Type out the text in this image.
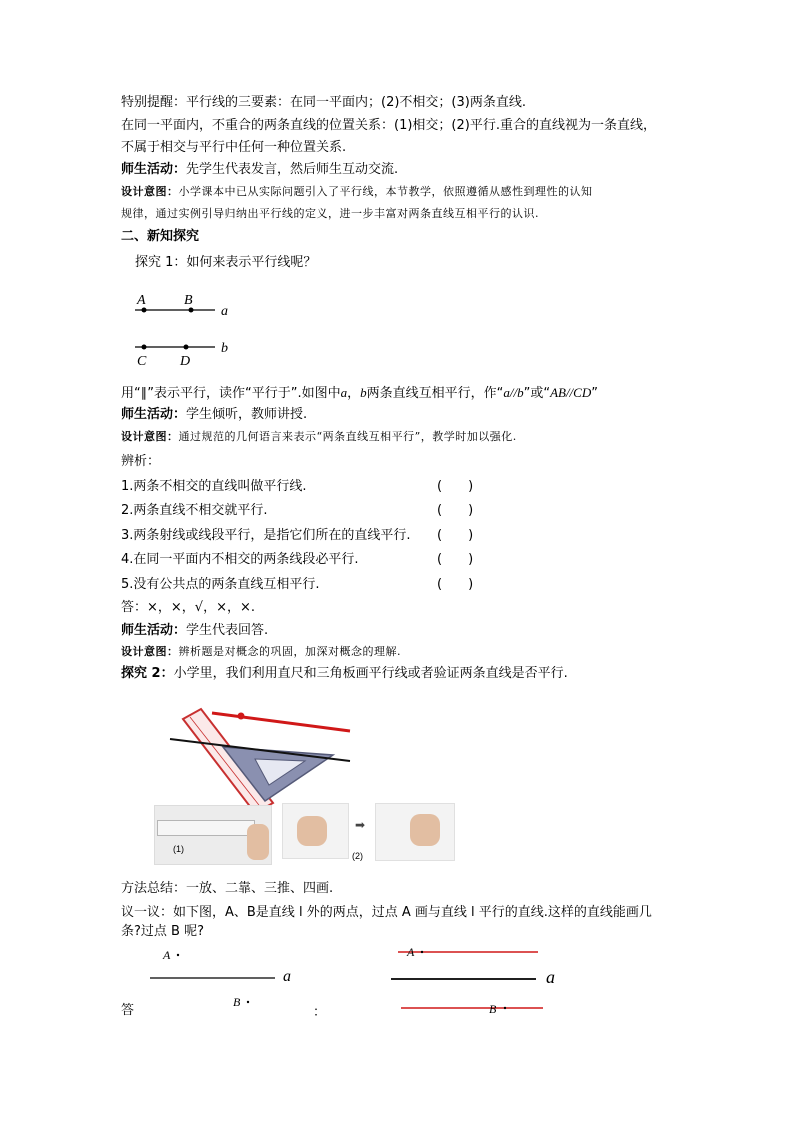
特别提醒：平行线的三要素：在同一平面内；(2)不相交；(3)两条直线.
在同一平面内，不重合的两条直线的位置关系：(1)相交；(2)平行.重合的直线视为一条直线，
不属于相交与平行中任何一种位置关系.
师生活动：先学生代表发言，然后师生互动交流.
设计意图：小学课本中已从实际问题引入了平行线，本节教学，依照遵循从感性到理性的认知
规律，通过实例引导归纳出平行线的定义，进一步丰富对两条直线互相平行的认识.
二、新知探究
探究 1：如何来表示平行线呢？
A	B
a
C D
b
用“∥”表示平行，读作“平行于”.如图中a，b两条直线互相平行，作“a//b”或“AB//CD”
师生活动：学生倾听，教师讲授.
设计意图：通过规范的几何语言来表示“两条直线互相平行”，教学时加以强化.
辨析：
1.两条不相交的直线叫做平行线.	(　　)
2.两条直线不相交就平行.	(　　)
3.两条射线或线段平行，是指它们所在的直线平行. (　　)
4.在同一平面内不相交的两条线段必平行.	(　　)
5.没有公共点的两条直线互相平行.	(　　)
答：×，×，√，×，×.
师生活动：学生代表回答.
设计意图：辨析题是对概念的巩固，加深对概念的理解.
探究 2：小学里，我们利用直尺和三角板画平行线或者验证两条直线是否平行.
(1)
➡
(2)
方法总结：一放、二靠、三推、四画.
议一议：如下图，A、B是直线 l 外的两点，过点 A 画与直线 l 平行的直线.这样的直线能画几
条?过点 B 呢?
A
a
B
答	：
A
a
B
